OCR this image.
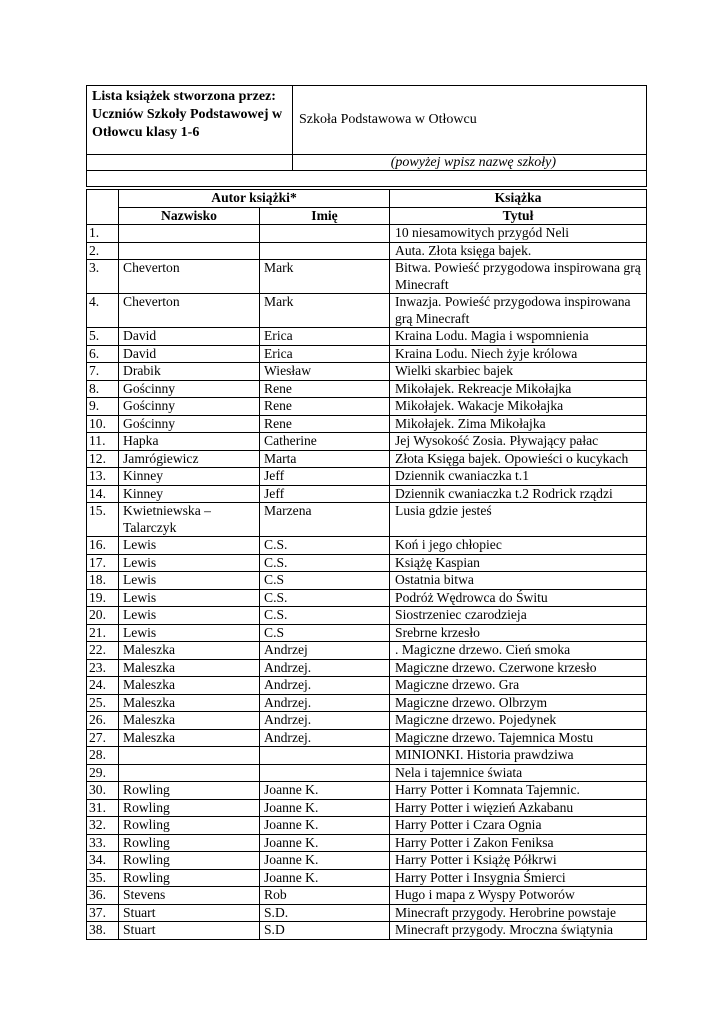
Lista książek stworzona przez: Uczniów Szkoły Podstawowej w Otłowcu klasy 1-6	Szkoła Podstawowa w Otłowcu
	(powyżej wpisz nazwę szkoły)

	Autor książki*		Książka
	Nazwisko	Imię	Tytuł
1.			10 niesamowitych przygód Neli
2.			Auta. Złota księga bajek.
3.	Cheverton	Mark	Bitwa. Powieść przygodowa inspirowana grą Minecraft
4.	Cheverton	Mark	Inwazja. Powieść przygodowa inspirowana grą Minecraft
5.	David	Erica	Kraina Lodu. Magia i wspomnienia
6.	David	Erica	Kraina Lodu. Niech żyje królowa
7.	Drabik	Wiesław	Wielki skarbiec bajek
8.	Gościnny	Rene	Mikołajek. Rekreacje Mikołajka
9.	Gościnny	Rene	Mikołajek. Wakacje Mikołajka
10.	Gościnny	Rene	Mikołajek. Zima Mikołajka
11.	Hapka	Catherine	Jej Wysokość Zosia. Pływający pałac
12.	Jamrógiewicz	Marta	Złota Księga bajek. Opowieści o kucykach
13.	Kinney	Jeff	Dziennik cwaniaczka t.1
14.	Kinney	Jeff	Dziennik cwaniaczka t.2 Rodrick rządzi
15.	Kwietniewska – Talarczyk	Marzena	Lusia gdzie jesteś
16.	Lewis	C.S.	Koń i jego chłopiec
17.	Lewis	C.S.	Książę Kaspian
18.	Lewis	C.S	Ostatnia bitwa
19.	Lewis	C.S.	Podróż Wędrowca do Świtu
20.	Lewis	C.S.	Siostrzeniec czarodzieja
21.	Lewis	C.S	Srebrne krzesło
22.	Maleszka	Andrzej	. Magiczne drzewo. Cień smoka
23.	Maleszka	Andrzej.	Magiczne drzewo. Czerwone krzesło
24.	Maleszka	Andrzej.	Magiczne drzewo. Gra
25.	Maleszka	Andrzej.	Magiczne drzewo. Olbrzym
26.	Maleszka	Andrzej.	Magiczne drzewo. Pojedynek
27.	Maleszka	Andrzej.	Magiczne drzewo. Tajemnica Mostu
28.			MINIONKI. Historia prawdziwa
29.			Nela i tajemnice świata
30.	Rowling	Joanne K.	Harry Potter i Komnata Tajemnic.
31.	Rowling	Joanne K.	Harry Potter i więzień Azkabanu
32.	Rowling	Joanne K.	Harry Potter i Czara Ognia
33.	Rowling	Joanne K.	Harry Potter i Zakon Feniksa
34.	Rowling	Joanne K.	Harry Potter i Książę Półkrwi
35.	Rowling	Joanne K.	Harry Potter i Insygnia Śmierci
36.	Stevens	Rob	Hugo i mapa z Wyspy Potworów
37.	Stuart	S.D.	Minecraft przygody. Herobrine powstaje
38.	Stuart	S.D	Minecraft przygody. Mroczna świątynia
